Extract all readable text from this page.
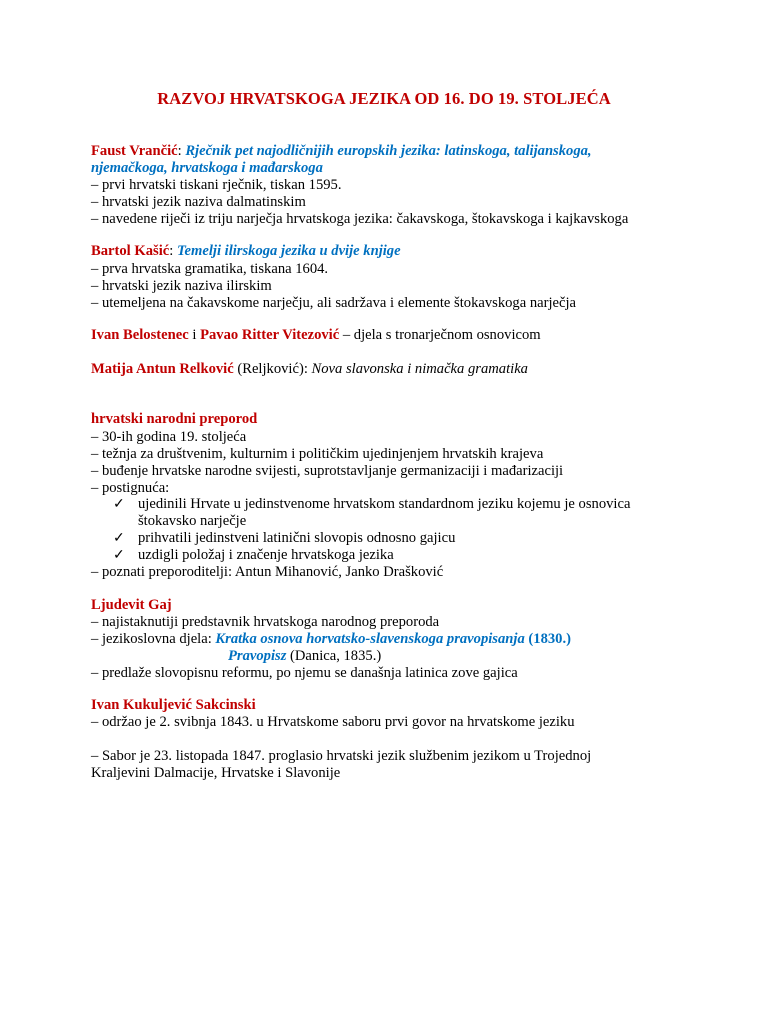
RAZVOJ HRVATSKOGA JEZIKA OD 16. DO 19. STOLJEĆA
Faust Vrančić: Rječnik pet najodličnijih europskih jezika: latinskoga, talijanskoga,
njemačkoga, hrvatskoga i mađarskoga
– prvi hrvatski tiskani rječnik, tiskan 1595.
– hrvatski jezik naziva dalmatinskim
– navedene riječi iz triju narječja hrvatskoga jezika: čakavskoga, štokavskoga i kajkavskoga
Bartol Kašić: Temelji ilirskoga jezika u dvije knjige
– prva hrvatska gramatika, tiskana 1604.
– hrvatski jezik naziva ilirskim
– utemeljena na čakavskome narječju, ali sadržava i elemente štokavskoga narječja
Ivan Belostenec i Pavao Ritter Vitezović – djela s tronarječnom osnovicom
Matija Antun Relković (Reljković): Nova slavonska i nimačka gramatika
hrvatski narodni preporod
– 30-ih godina 19. stoljeća
– težnja za društvenim, kulturnim i političkim ujedinjenjem hrvatskih krajeva
– buđenje hrvatske narodne svijesti, suprotstavljanje germanizaciji i mađarizaciji
– postignuća:
✓ ujedinili Hrvate u jedinstvenome hrvatskom standardnom jeziku kojemu je osnovica
štokavsko narječje
✓ prihvatili jedinstveni latinični slovopis odnosno gajicu
✓ uzdigli položaj i značenje hrvatskoga jezika
– poznati preporoditelji: Antun Mihanović, Janko Drašković
Ljudevit Gaj
– najistaknutiji predstavnik hrvatskoga narodnog preporoda
– jezikoslovna djela: Kratka osnova horvatsko-slavenskoga pravopisanja (1830.)
Pravopisz (Danica, 1835.)
– predlaže slovopisnu reformu, po njemu se današnja latinica zove gajica
Ivan Kukuljević Sakcinski
– održao je 2. svibnja 1843. u Hrvatskome saboru prvi govor na hrvatskome jeziku
– Sabor je 23. listopada 1847. proglasio hrvatski jezik službenim jezikom u Trojednoj
Kraljevini Dalmacije, Hrvatske i Slavonije
